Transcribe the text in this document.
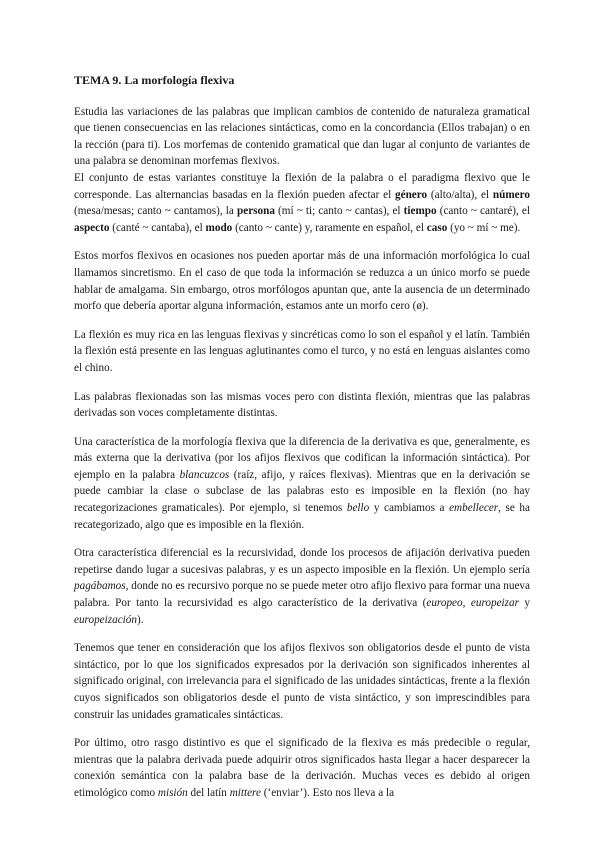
TEMA 9. La morfología flexiva

Estudia las variaciones de las palabras que implican cambios de contenido de naturaleza gramatical que tienen consecuencias en las relaciones sintácticas, como en la concordancia (Ellos trabajan) o en la rección (para ti). Los morfemas de contenido gramatical que dan lugar al conjunto de variantes de una palabra se denominan morfemas flexivos.

El conjunto de estas variantes constituye la flexión de la palabra o el paradigma flexivo que le corresponde. Las alternancias basadas en la flexión pueden afectar el género (alto/alta), el número (mesa/mesas; canto ~ cantamos), la persona (mí ~ ti; canto ~ cantas), el tiempo (canto ~ cantaré), el aspecto (canté ~ cantaba), el modo (canto ~ cante) y, raramente en español, el caso (yo ~ mí ~ me).

Estos morfos flexivos en ocasiones nos pueden aportar más de una información morfológica lo cual llamamos sincretismo. En el caso de que toda la información se reduzca a un único morfo se puede hablar de amalgama. Sin embargo, otros morfólogos apuntan que, ante la ausencia de un determinado morfo que debería aportar alguna información, estamos ante un morfo cero (ø).

La flexión es muy rica en las lenguas flexivas y sincréticas como lo son el español y el latín. También la flexión está presente en las lenguas aglutinantes como el turco, y no está en lenguas aislantes como el chino.

Las palabras flexionadas son las mismas voces pero con distinta flexión, mientras que las palabras derivadas son voces completamente distintas.

Una característica de la morfología flexiva que la diferencia de la derivativa es que, generalmente, es más externa que la derivativa (por los afijos flexivos que codifican la información sintáctica). Por ejemplo en la palabra blancuzcos (raíz, afijo, y raíces flexivas). Mientras que en la derivación se puede cambiar la clase o subclase de las palabras esto es imposible en la flexión (no hay recategorizaciones gramaticales). Por ejemplo, si tenemos bello y cambiamos a embellecer, se ha recategorizado, algo que es imposible en la flexión.

Otra característica diferencial es la recursividad, donde los procesos de afijación derivativa pueden repetirse dando lugar a sucesivas palabras, y es un aspecto imposible en la flexión. Un ejemplo sería pagábamos, donde no es recursivo porque no se puede meter otro afijo flexivo para formar una nueva palabra. Por tanto la recursividad es algo característico de la derivativa (europeo, europeizar y europeización).

Tenemos que tener en consideración que los afijos flexivos son obligatorios desde el punto de vista sintáctico, por lo que los significados expresados por la derivación son significados inherentes al significado original, con irrelevancia para el significado de las unidades sintácticas, frente a la flexión cuyos significados son obligatorios desde el punto de vista sintáctico, y son imprescindibles para construir las unidades gramaticales sintácticas.

Por último, otro rasgo distintivo es que el significado de la flexiva es más predecible o regular, mientras que la palabra derivada puede adquirir otros significados hasta llegar a hacer desparecer la conexión semántica con la palabra base de la derivación. Muchas veces es debido al origen etimológico como misión del latín mittere (‘enviar’). Esto nos lleva a la
